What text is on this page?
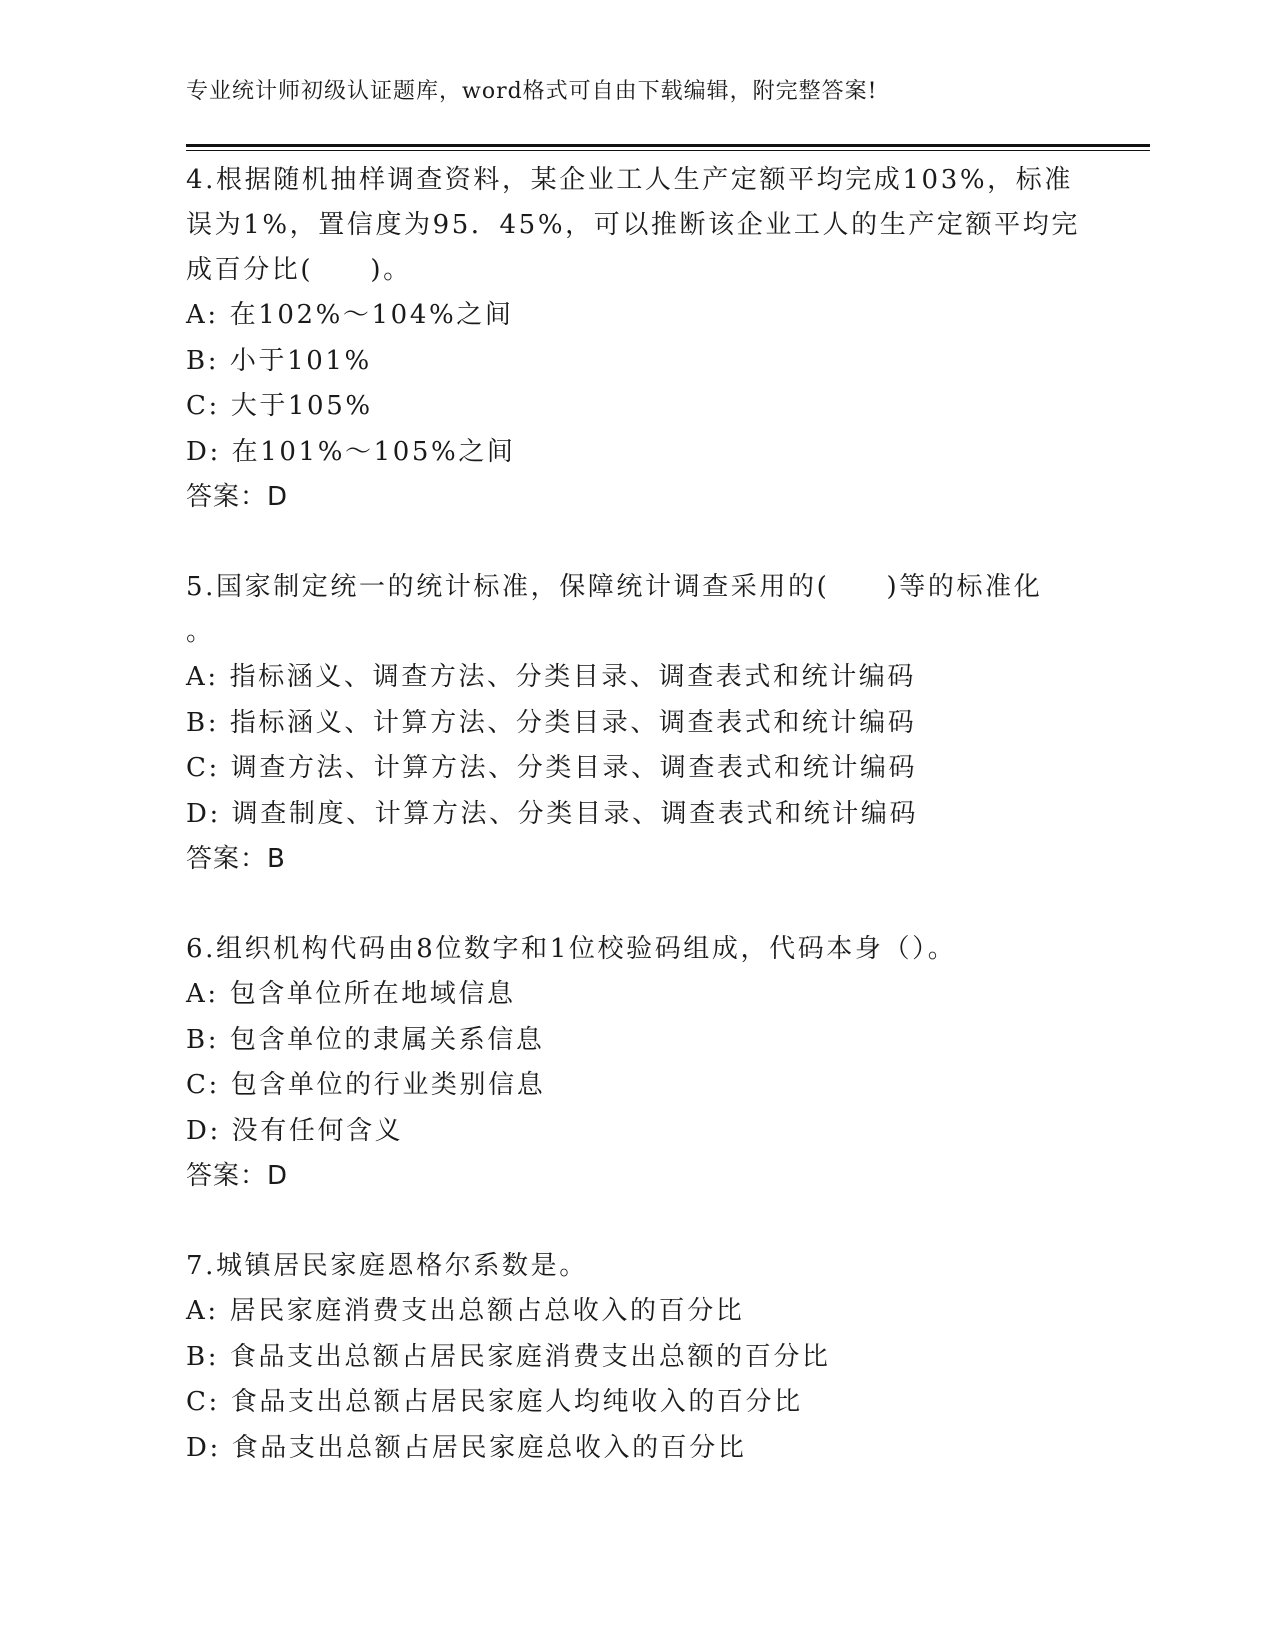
专业统计师初级认证题库，word格式可自由下载编辑，附完整答案!
4.根据随机抽样调查资料，某企业工人生产定额平均完成103%，标准
误为1%，置信度为95．45%，可以推断该企业工人的生产定额平均完
成百分比(　　)。
A: 在102%～104%之间
B: 小于101%
C: 大于105%
D: 在101%～105%之间
答案：D
5.国家制定统一的统计标准，保障统计调查采用的(　　)等的标准化
。
A: 指标涵义、调查方法、分类目录、调查表式和统计编码
B: 指标涵义、计算方法、分类目录、调查表式和统计编码
C: 调查方法、计算方法、分类目录、调查表式和统计编码
D: 调查制度、计算方法、分类目录、调查表式和统计编码
答案：B
6.组织机构代码由8位数字和1位校验码组成，代码本身（）。
A: 包含单位所在地域信息
B: 包含单位的隶属关系信息
C: 包含单位的行业类别信息
D: 没有任何含义
答案：D
7.城镇居民家庭恩格尔系数是。
A: 居民家庭消费支出总额占总收入的百分比
B: 食品支出总额占居民家庭消费支出总额的百分比
C: 食品支出总额占居民家庭人均纯收入的百分比
D: 食品支出总额占居民家庭总收入的百分比
